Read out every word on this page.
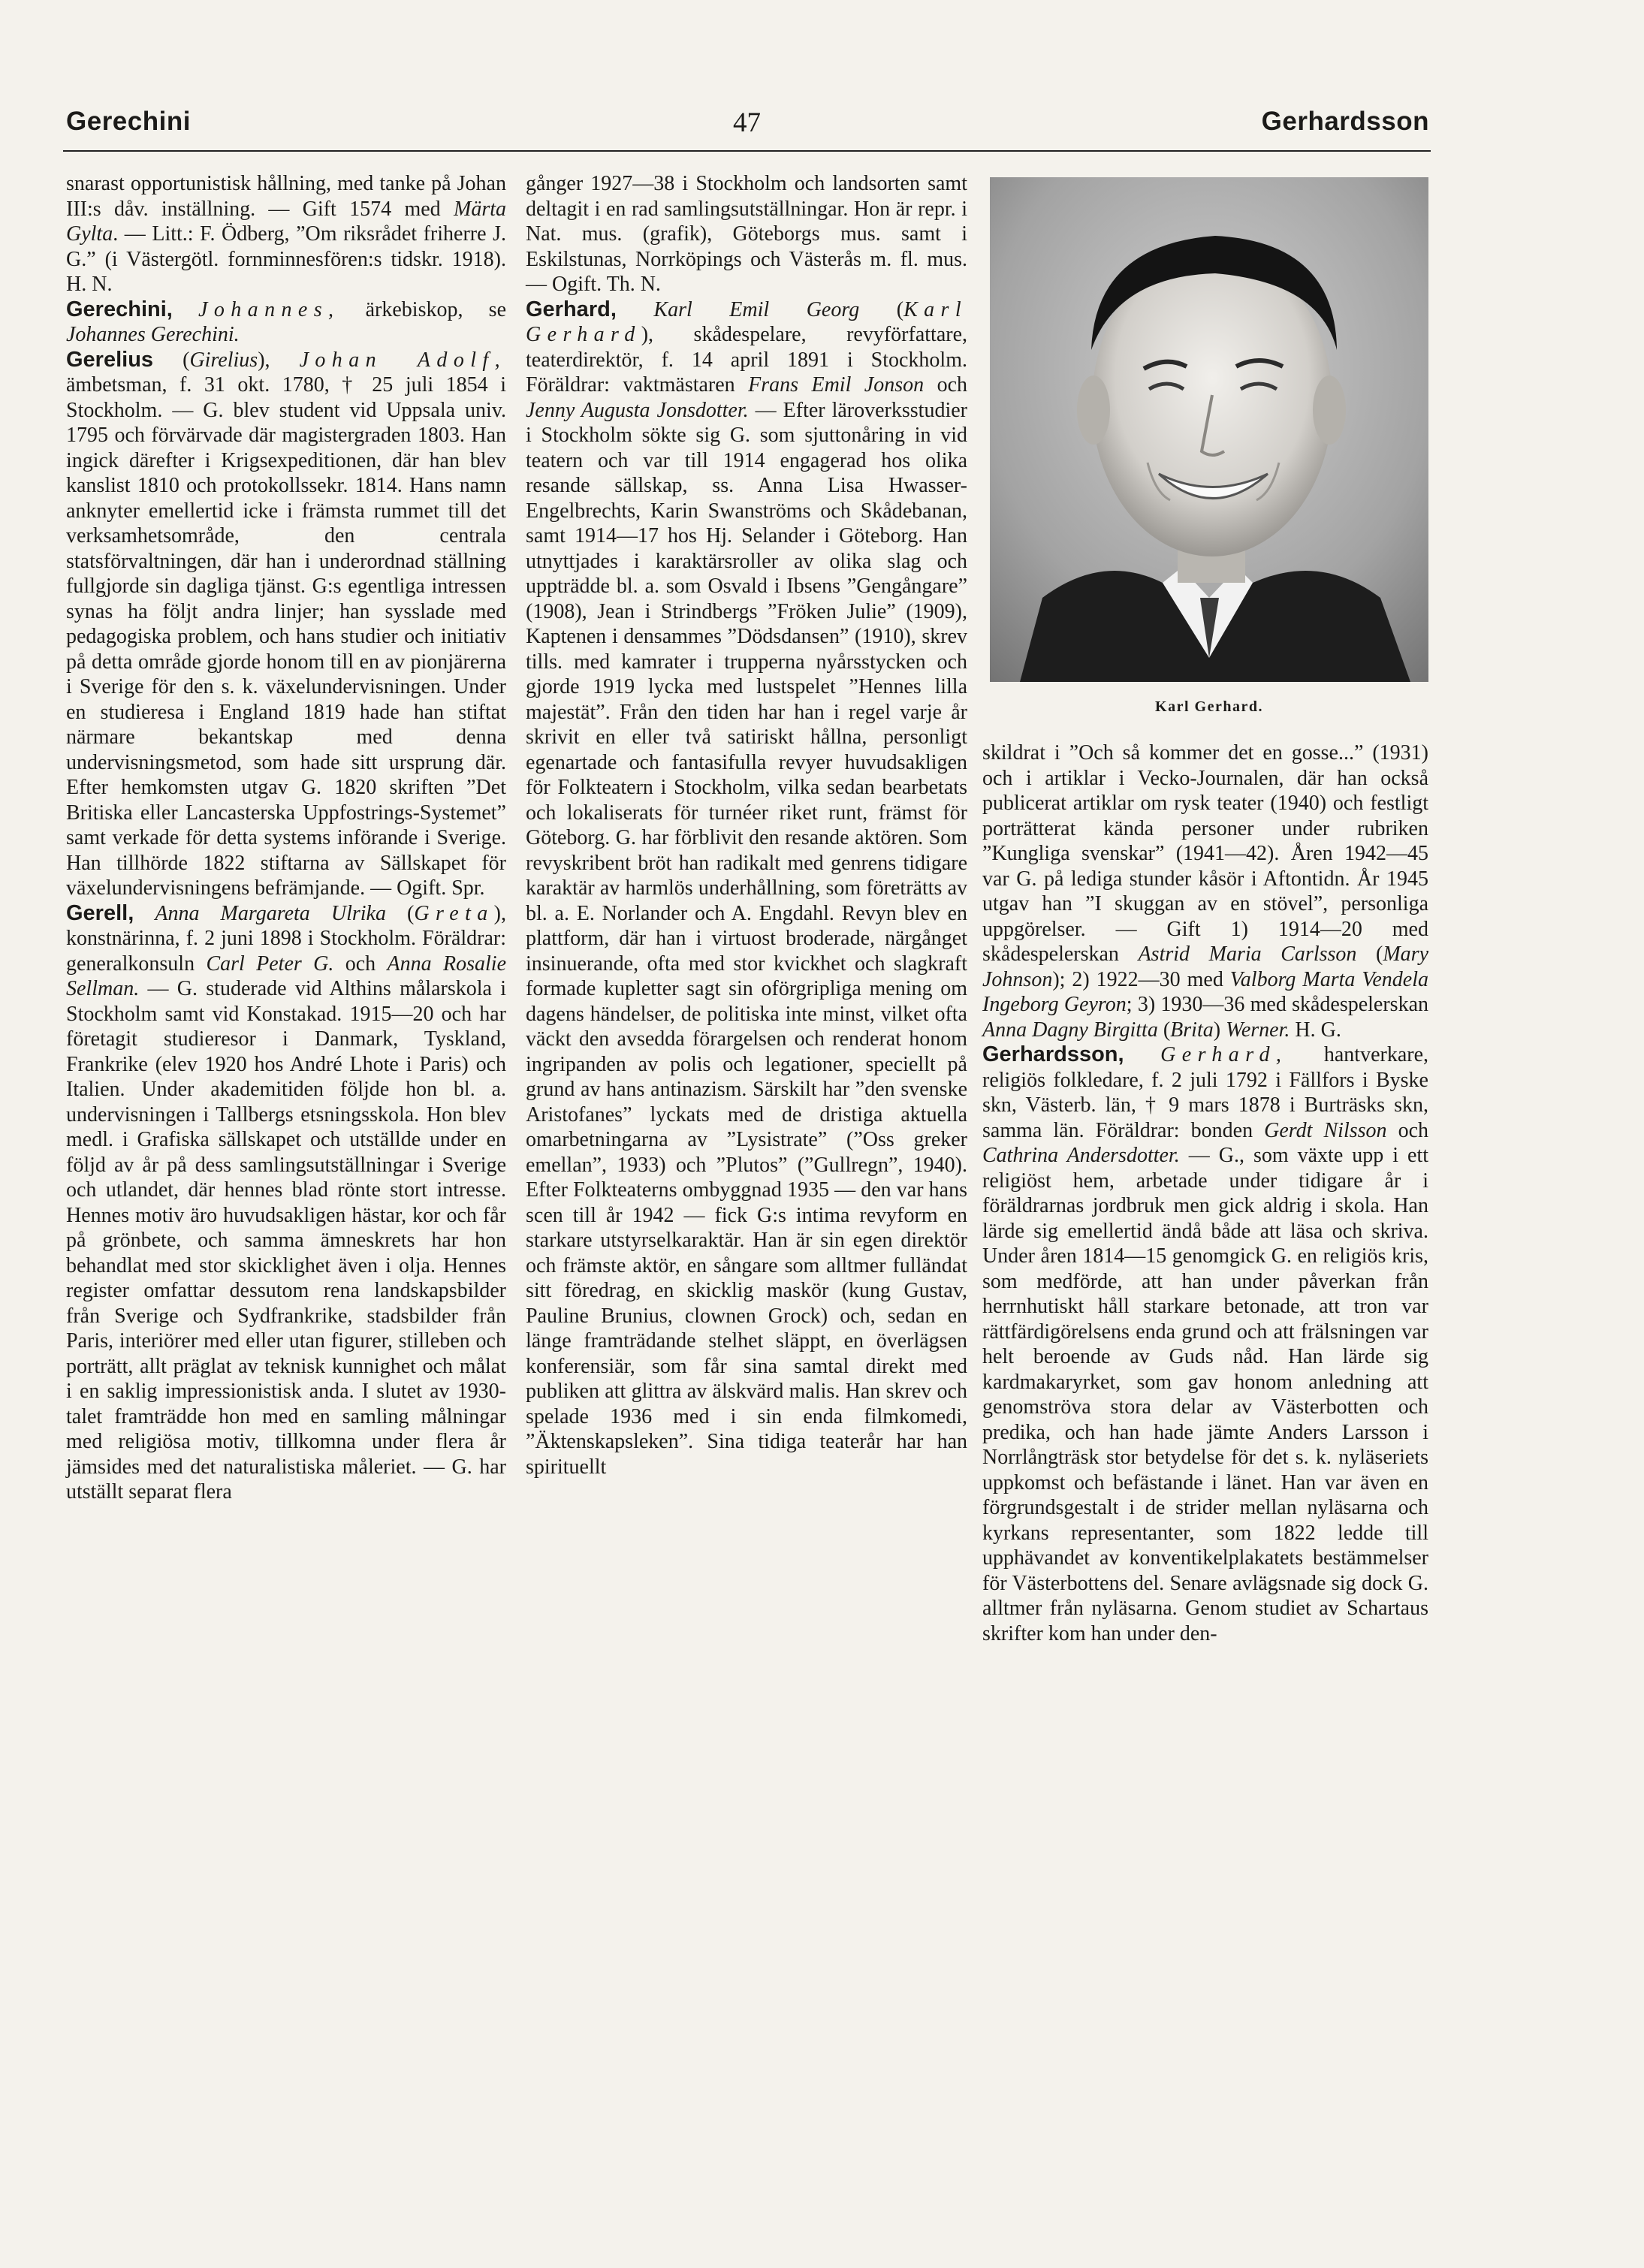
Gerechini	47	Gerhardsson

snarast opportunistisk hållning, med tanke på Johan III:s dåv. inställning. — Gift 1574 med Märta Gylta. — Litt.: F. Ödberg, ”Om riksrådet friherre J. G.” (i Västergötl. fornminnesfören:s tidskr. 1918). H. N.

Gerechini, Johannes, ärkebiskop, se Johannes Gerechini.

Gerelius (Girelius), Johan Adolf, ämbetsman, f. 31 okt. 1780, † 25 juli 1854 i Stockholm. — G. blev student vid Uppsala univ. 1795 och förvärvade där magistergraden 1803. Han ingick därefter i Krigsexpeditionen, där han blev kanslist 1810 och protokollssekr. 1814. Hans namn anknyter emellertid icke i främsta rummet till det verksamhetsområde, den centrala statsförvaltningen, där han i underordnad ställning fullgjorde sin dagliga tjänst. G:s egentliga intressen synas ha följt andra linjer; han sysslade med pedagogiska problem, och hans studier och initiativ på detta område gjorde honom till en av pionjärerna i Sverige för den s. k. växelundervisningen. Under en studieresa i England 1819 hade han stiftat närmare bekantskap med denna undervisningsmetod, som hade sitt ursprung där. Efter hemkomsten utgav G. 1820 skriften ”Det Britiska eller Lancasterska Uppfostrings-Systemet” samt verkade för detta systems införande i Sverige. Han tillhörde 1822 stiftarna av Sällskapet för växelundervisningens befrämjande. — Ogift. Spr.

Gerell, Anna Margareta Ulrika (Greta), konstnärinna, f. 2 juni 1898 i Stockholm. Föräldrar: generalkonsuln Carl Peter G. och Anna Rosalie Sellman. — G. studerade vid Althins målarskola i Stockholm samt vid Konstakad. 1915—20 och har företagit studieresor i Danmark, Tyskland, Frankrike (elev 1920 hos André Lhote i Paris) och Italien. Under akademitiden följde hon bl. a. undervisningen i Tallbergs etsningsskola. Hon blev medl. i Grafiska sällskapet och utställde under en följd av år på dess samlingsutställningar i Sverige och utlandet, där hennes blad rönte stort intresse. Hennes motiv äro huvudsakligen hästar, kor och får på grönbete, och samma ämneskrets har hon behandlat med stor skicklighet även i olja. Hennes register omfattar dessutom rena landskapsbilder från Sverige och Sydfrankrike, stadsbilder från Paris, interiörer med eller utan figurer, stilleben och porträtt, allt präglat av teknisk kunnighet och målat i en saklig impressionistisk anda. I slutet av 1930-talet framträdde hon med en samling målningar med religiösa motiv, tillkomna under flera år jämsides med det naturalistiska måleriet. — G. har utställt separat flera

gånger 1927—38 i Stockholm och landsorten samt deltagit i en rad samlingsutställningar. Hon är repr. i Nat. mus. (grafik), Göteborgs mus. samt i Eskilstunas, Norrköpings och Västerås m. fl. mus. — Ogift. Th. N.

Gerhard, Karl Emil Georg (Karl Gerhard), skådespelare, revyförfattare, teaterdirektör, f. 14 april 1891 i Stockholm. Föräldrar: vaktmästaren Frans Emil Jonson och Jenny Augusta Jonsdotter. — Efter läroverksstudier i Stockholm sökte sig G. som sjuttonåring in vid teatern och var till 1914 engagerad hos olika resande sällskap, ss. Anna Lisa Hwasser-Engelbrechts, Karin Swanströms och Skådebanan, samt 1914—17 hos Hj. Selander i Göteborg. Han utnyttjades i karaktärsroller av olika slag och uppträdde bl. a. som Osvald i Ibsens ”Gengångare” (1908), Jean i Strindbergs ”Fröken Julie” (1909), Kaptenen i densammes ”Dödsdansen” (1910), skrev tills. med kamrater i trupperna nyårsstycken och gjorde 1919 lycka med lustspelet ”Hennes lilla majestät”. Från den tiden har han i regel varje år skrivit en eller två satiriskt hållna, personligt egenartade och fantasifulla revyer huvudsakligen för Folkteatern i Stockholm, vilka sedan bearbetats och lokaliserats för turnéer riket runt, främst för Göteborg. G. har förblivit den resande aktören. Som revyskribent bröt han radikalt med genrens tidigare karaktär av harmlös underhållning, som företrätts av bl. a. E. Norlander och A. Engdahl. Revyn blev en plattform, där han i virtuost broderade, närgånget insinuerande, ofta med stor kvickhet och slagkraft formade kupletter sagt sin oförgripliga mening om dagens händelser, de politiska inte minst, vilket ofta väckt den avsedda förargelsen och renderat honom ingripanden av polis och legationer, speciellt på grund av hans antinazism. Särskilt har ”den svenske Aristofanes” lyckats med de dristiga aktuella omarbetningarna av ”Lysistrate” (”Oss greker emellan”, 1933) och ”Plutos” (”Gullregn”, 1940). Efter Folkteaterns ombyggnad 1935 — den var hans scen till år 1942 — fick G:s intima revyform en starkare utstyrselkaraktär. Han är sin egen direktör och främste aktör, en sångare som alltmer fulländat sitt föredrag, en skicklig maskör (kung Gustav, Pauline Brunius, clownen Grock) och, sedan en länge framträdande stelhet släppt, en överlägsen konferensiär, som får sina samtal direkt med publiken att glittra av älskvärd malis. Han skrev och spelade 1936 med i sin enda filmkomedi, ”Äktenskapsleken”. Sina tidiga teaterår har han spirituellt

skildrat i ”Och så kommer det en gosse...” (1931) och i artiklar i Vecko-Journalen, där han också publicerat artiklar om rysk teater (1940) och festligt porträtterat kända personer under rubriken ”Kungliga svenskar” (1941—42). Åren 1942—45 var G. på lediga stunder kåsör i Aftontidn. År 1945 utgav han ”I skuggan av en stövel”, personliga uppgörelser. — Gift 1) 1914—20 med skådespelerskan Astrid Maria Carlsson (Mary Johnson); 2) 1922—30 med Valborg Marta Vendela Ingeborg Geyron; 3) 1930—36 med skådespelerskan Anna Dagny Birgitta (Brita) Werner. H. G.

Gerhardsson, Gerhard, hantverkare, religiös folkledare, f. 2 juli 1792 i Fällfors i Byske skn, Västerb. län, † 9 mars 1878 i Burträsks skn, samma län. Föräldrar: bonden Gerdt Nilsson och Cathrina Andersdotter. — G., som växte upp i ett religiöst hem, arbetade under tidigare år i föräldrarnas jordbruk men gick aldrig i skola. Han lärde sig emellertid ändå både att läsa och skriva. Under åren 1814—15 genomgick G. en religiös kris, som medförde, att han under påverkan från herrnhutiskt håll starkare betonade, att tron var rättfärdigörelsens enda grund och att frälsningen var helt beroende av Guds nåd. Han lärde sig kardmakaryrket, som gav honom anledning att genomströva stora delar av Västerbotten och predika, och han hade jämte Anders Larsson i Norrlångträsk stor betydelse för det s. k. nyläseriets uppkomst och befästande i länet. Han var även en förgrundsgestalt i de strider mellan nyläsarna och kyrkans representanter, som 1822 ledde till upphävandet av konventikelplakatets bestämmelser för Västerbottens del. Senare avlägsnade sig dock G. alltmer från nyläsarna. Genom studiet av Schartaus skrifter kom han under den-

Karl Gerhard.
